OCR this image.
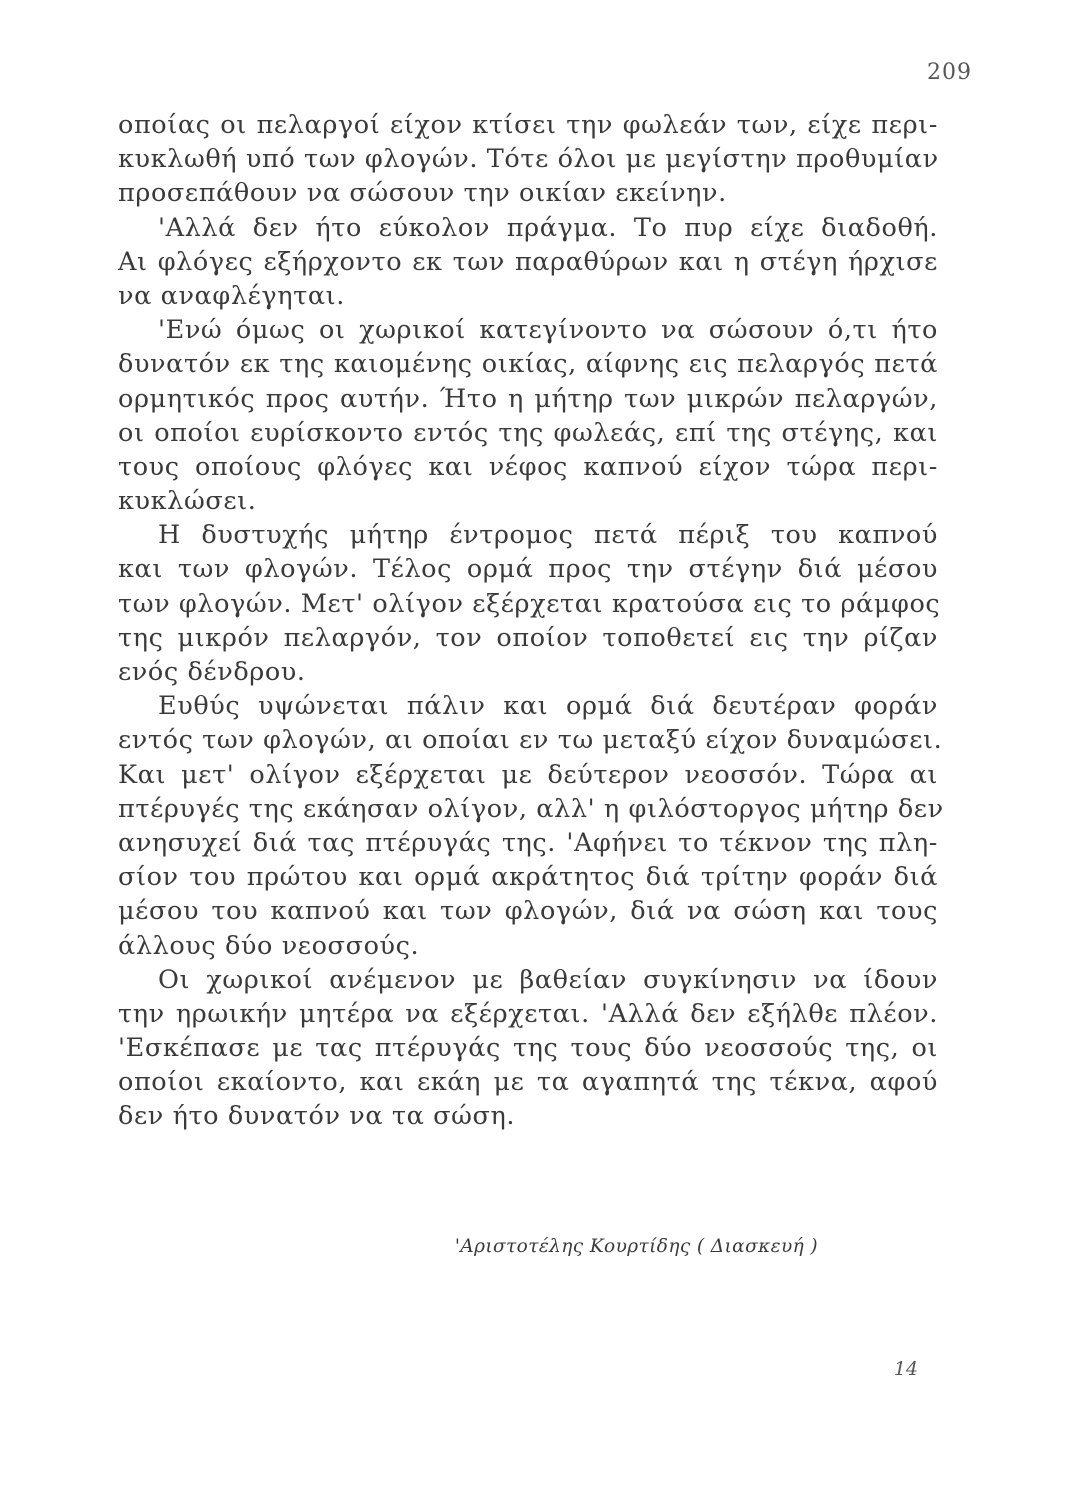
209
οποίας οι πελαργοί είχον κτίσει την φωλεάν των, είχε περι-
κυκλωθή υπό των φλογών. Τότε όλοι με μεγίστην προθυμίαν
προσεπάθουν να σώσουν την οικίαν εκείνην.
'Αλλά δεν ήτο εύκολον πράγμα. Το πυρ είχε διαδοθή.
Αι φλόγες εξήρχοντο εκ των παραθύρων και η στέγη ήρχισε
να αναφλέγηται.
'Ενώ όμως οι χωρικοί κατεγίνοντο να σώσουν ό,τι ήτο
δυνατόν εκ της καιομένης οικίας, αίφνης εις πελαργός πετά
ορμητικός προς αυτήν. Ήτο η μήτηρ των μικρών πελαργών,
οι οποίοι ευρίσκοντο εντός της φωλεάς, επί της στέγης, και
τους οποίους φλόγες και νέφος καπνού είχον τώρα περι-
κυκλώσει.
Η δυστυχής μήτηρ έντρομος πετά πέριξ του καπνού
και των φλογών. Τέλος ορμά προς την στέγην διά μέσου
των φλογών. Μετ' ολίγον εξέρχεται κρατούσα εις το ράμφος
της μικρόν πελαργόν, τον οποίον τοποθετεί εις την ρίζαν
ενός δένδρου.
Ευθύς υψώνεται πάλιν και ορμά διά δευτέραν φοράν
εντός των φλογών, αι οποίαι εν τω μεταξύ είχον δυναμώσει.
Και μετ' ολίγον εξέρχεται με δεύτερον νεοσσόν. Τώρα αι
πτέρυγές της εκάησαν ολίγον, αλλ' η φιλόστοργος μήτηρ δεν
ανησυχεί διά τας πτέρυγάς της. 'Αφήνει το τέκνον της πλη-
σίον του πρώτου και ορμά ακράτητος διά τρίτην φοράν διά
μέσου του καπνού και των φλογών, διά να σώση και τους
άλλους δύο νεοσσούς.
Οι χωρικοί ανέμενον με βαθείαν συγκίνησιν να ίδουν
την ηρωικήν μητέρα να εξέρχεται. 'Αλλά δεν εξήλθε πλέον.
'Εσκέπασε με τας πτέρυγάς της τους δύο νεοσσούς της, οι
οποίοι εκαίοντο, και εκάη με τα αγαπητά της τέκνα, αφού
δεν ήτο δυνατόν να τα σώση.
'Αριστοτέλης Κουρτίδης ( Διασκευή )
14
